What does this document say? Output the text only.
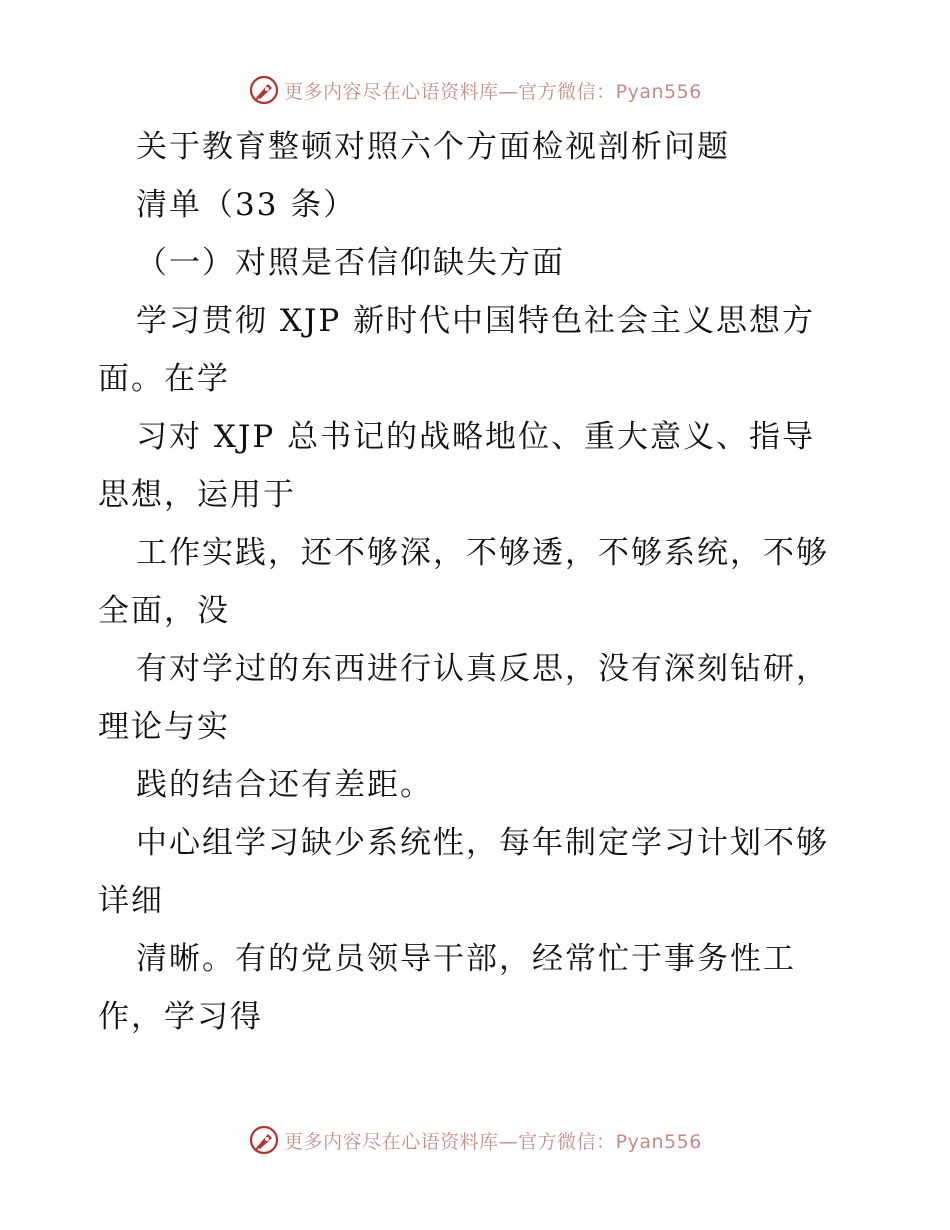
更多内容尽在心语资料库—官方微信：Pyan556
关于教育整顿对照六个方面检视剖析问题
清单（33 条）
（一）对照是否信仰缺失方面
学习贯彻 XJP 新时代中国特色社会主义思想方
面。在学
习对 XJP 总书记的战略地位、重大意义、指导
思想，运用于
工作实践，还不够深，不够透，不够系统，不够
全面，没
有对学过的东西进行认真反思，没有深刻钻研，
理论与实
践的结合还有差距。
中心组学习缺少系统性，每年制定学习计划不够
详细
清晰。有的党员领导干部，经常忙于事务性工
作，学习得
更多内容尽在心语资料库—官方微信：Pyan556
